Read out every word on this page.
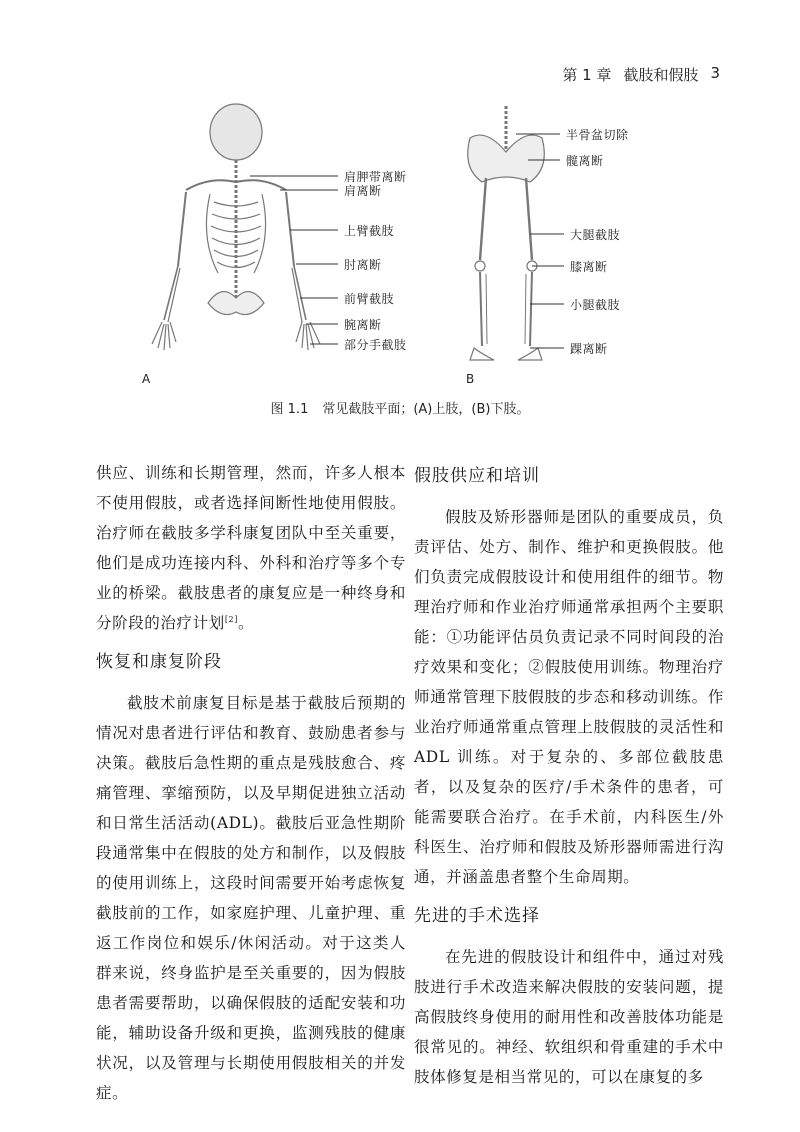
第 1 章 截肢和假肢 3
A	B
肩胛带离断
肩离断
上臂截肢
肘离断
前臂截肢
腕离断
部分手截肢
半骨盆切除
髋离断
大腿截肢
膝离断
小腿截肢
踝离断
图 1.1 常见截肢平面；(A)上肢，(B)下肢。

供应、训练和长期管理，然而，许多人根本不使用假肢，或者选择间断性地使用假肢。治疗师在截肢多学科康复团队中至关重要，他们是成功连接内科、外科和治疗等多个专业的桥梁。截肢患者的康复应是一种终身和分阶段的治疗计划[2]。

恢复和康复阶段

截肢术前康复目标是基于截肢后预期的情况对患者进行评估和教育、鼓励患者参与决策。截肢后急性期的重点是残肢愈合、疼痛管理、挛缩预防，以及早期促进独立活动和日常生活活动(ADL)。截肢后亚急性期阶段通常集中在假肢的处方和制作，以及假肢的使用训练上，这段时间需要开始考虑恢复截肢前的工作，如家庭护理、儿童护理、重返工作岗位和娱乐/休闲活动。对于这类人群来说，终身监护是至关重要的，因为假肢患者需要帮助，以确保假肢的适配安装和功能，辅助设备升级和更换，监测残肢的健康状况，以及管理与长期使用假肢相关的并发症。

假肢供应和培训

假肢及矫形器师是团队的重要成员，负责评估、处方、制作、维护和更换假肢。他们负责完成假肢设计和使用组件的细节。物理治疗师和作业治疗师通常承担两个主要职能：①功能评估员负责记录不同时间段的治疗效果和变化；②假肢使用训练。物理治疗师通常管理下肢假肢的步态和移动训练。作业治疗师通常重点管理上肢假肢的灵活性和 ADL 训练。对于复杂的、多部位截肢患者，以及复杂的医疗/手术条件的患者，可能需要联合治疗。在手术前，内科医生/外科医生、治疗师和假肢及矫形器师需进行沟通，并涵盖患者整个生命周期。

先进的手术选择

在先进的假肢设计和组件中，通过对残肢进行手术改造来解决假肢的安装问题，提高假肢终身使用的耐用性和改善肢体功能是很常见的。神经、软组织和骨重建的手术中肢体修复是相当常见的，可以在康复的多
